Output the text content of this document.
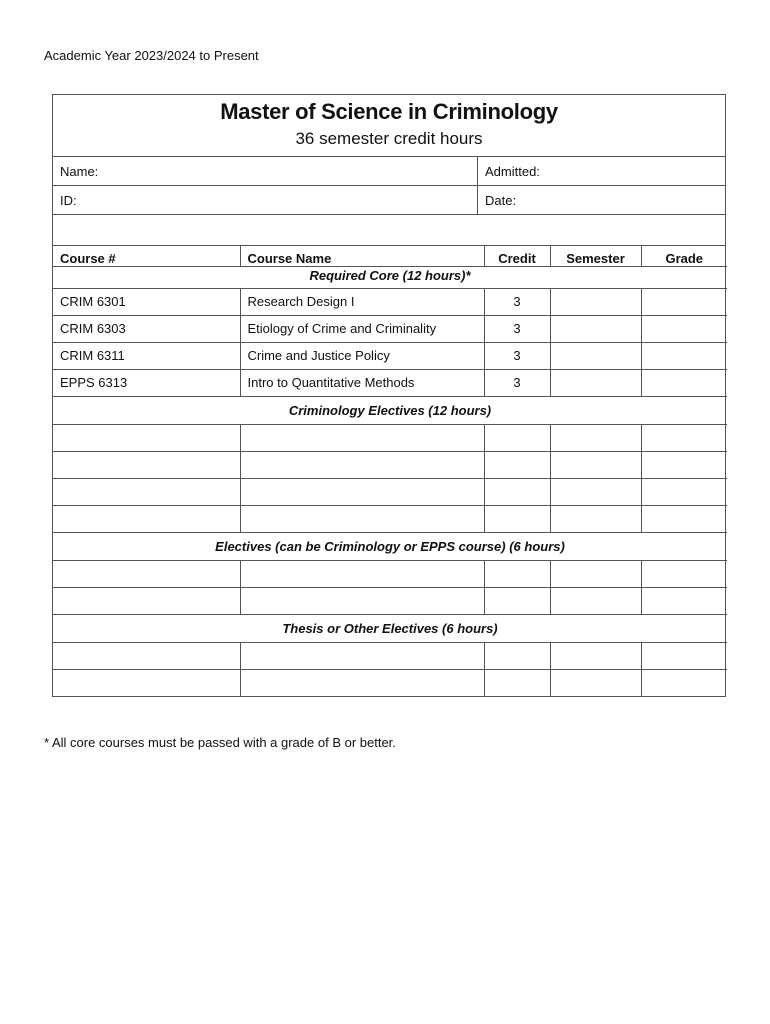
Academic Year 2023/2024 to Present
Master of Science in Criminology
36 semester credit hours
Name:	Admitted:
ID:	Date:
Course #	Course Name	Credit	Semester	Grade
Required Core (12 hours)*				
CRIM 6301	Research Design I	3		
CRIM 6303	Etiology of Crime and Criminality	3		
CRIM 6311	Crime and Justice Policy	3		
EPPS 6313	Intro to Quantitative Methods	3		
Criminology Electives (12 hours)				

Electives (can be Criminology or EPPS course) (6 hours)				

Thesis or Other Electives (6 hours)				

* All core courses must be passed with a grade of B or better.
